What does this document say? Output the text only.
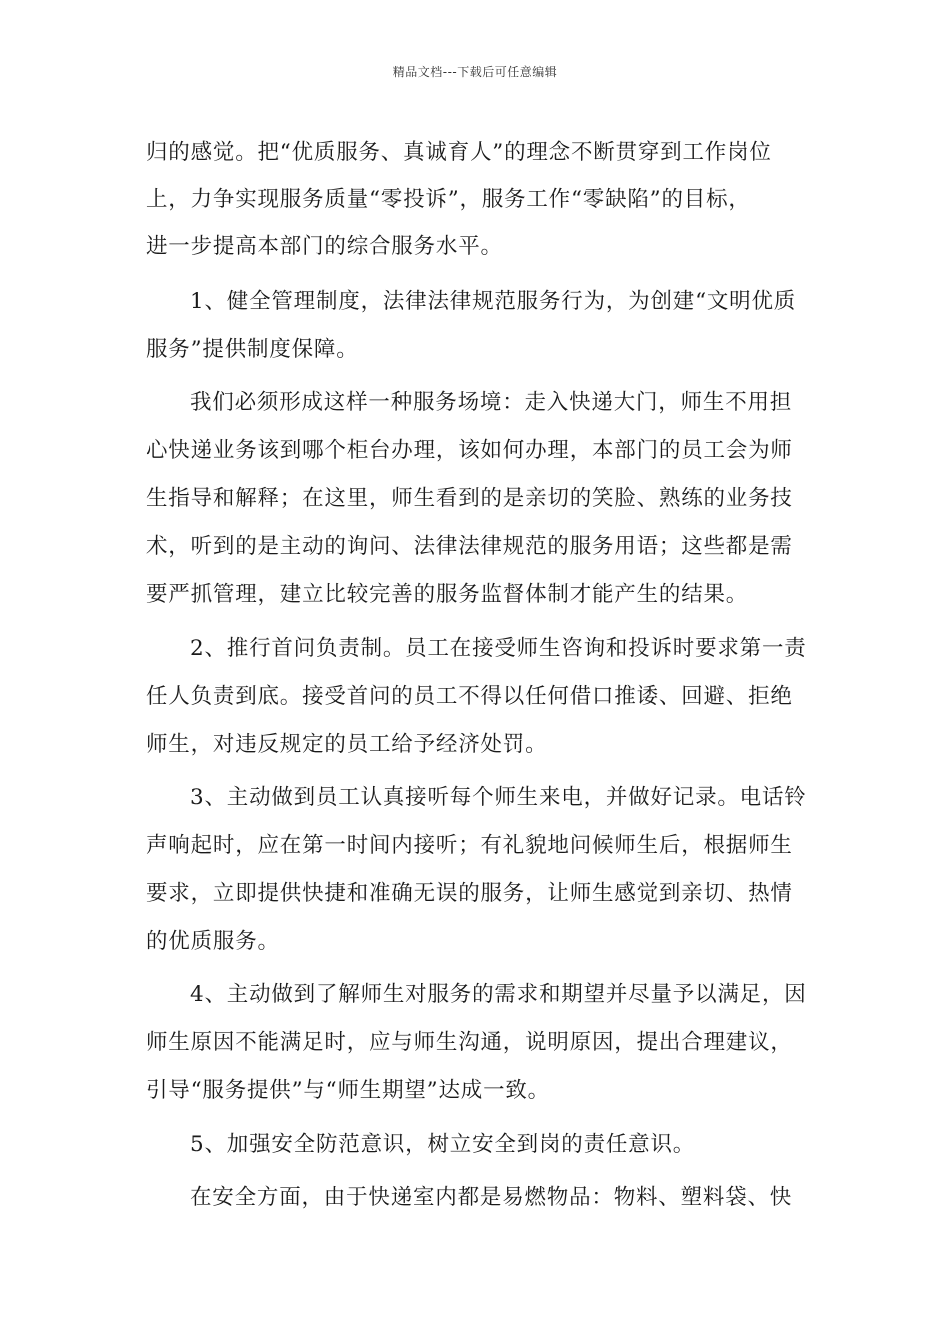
精品文档---下载后可任意编辑
归的感觉。把“优质服务、真诚育人”的理念不断贯穿到工作岗位
上，力争实现服务质量“零投诉”，服务工作“零缺陷”的目标，
进一步提高本部门的综合服务水平。
1、健全管理制度，法律法律规范服务行为，为创建“文明优质
服务”提供制度保障。
我们必须形成这样一种服务场境：走入快递大门，师生不用担
心快递业务该到哪个柜台办理，该如何办理，本部门的员工会为师
生指导和解释；在这里，师生看到的是亲切的笑脸、熟练的业务技
术，听到的是主动的询问、法律法律规范的服务用语；这些都是需
要严抓管理，建立比较完善的服务监督体制才能产生的结果。
2、推行首问负责制。员工在接受师生咨询和投诉时要求第一责
任人负责到底。接受首问的员工不得以任何借口推诿、回避、拒绝
师生，对违反规定的员工给予经济处罚。
3、主动做到员工认真接听每个师生来电，并做好记录。电话铃
声响起时，应在第一时间内接听；有礼貌地问候师生后，根据师生
要求，立即提供快捷和准确无误的服务，让师生感觉到亲切、热情
的优质服务。
4、主动做到了解师生对服务的需求和期望并尽量予以满足，因
师生原因不能满足时，应与师生沟通，说明原因，提出合理建议，
引导“服务提供”与“师生期望”达成一致。
5、加强安全防范意识，树立安全到岗的责任意识。
在安全方面，由于快递室内都是易燃物品：物料、塑料袋、快
